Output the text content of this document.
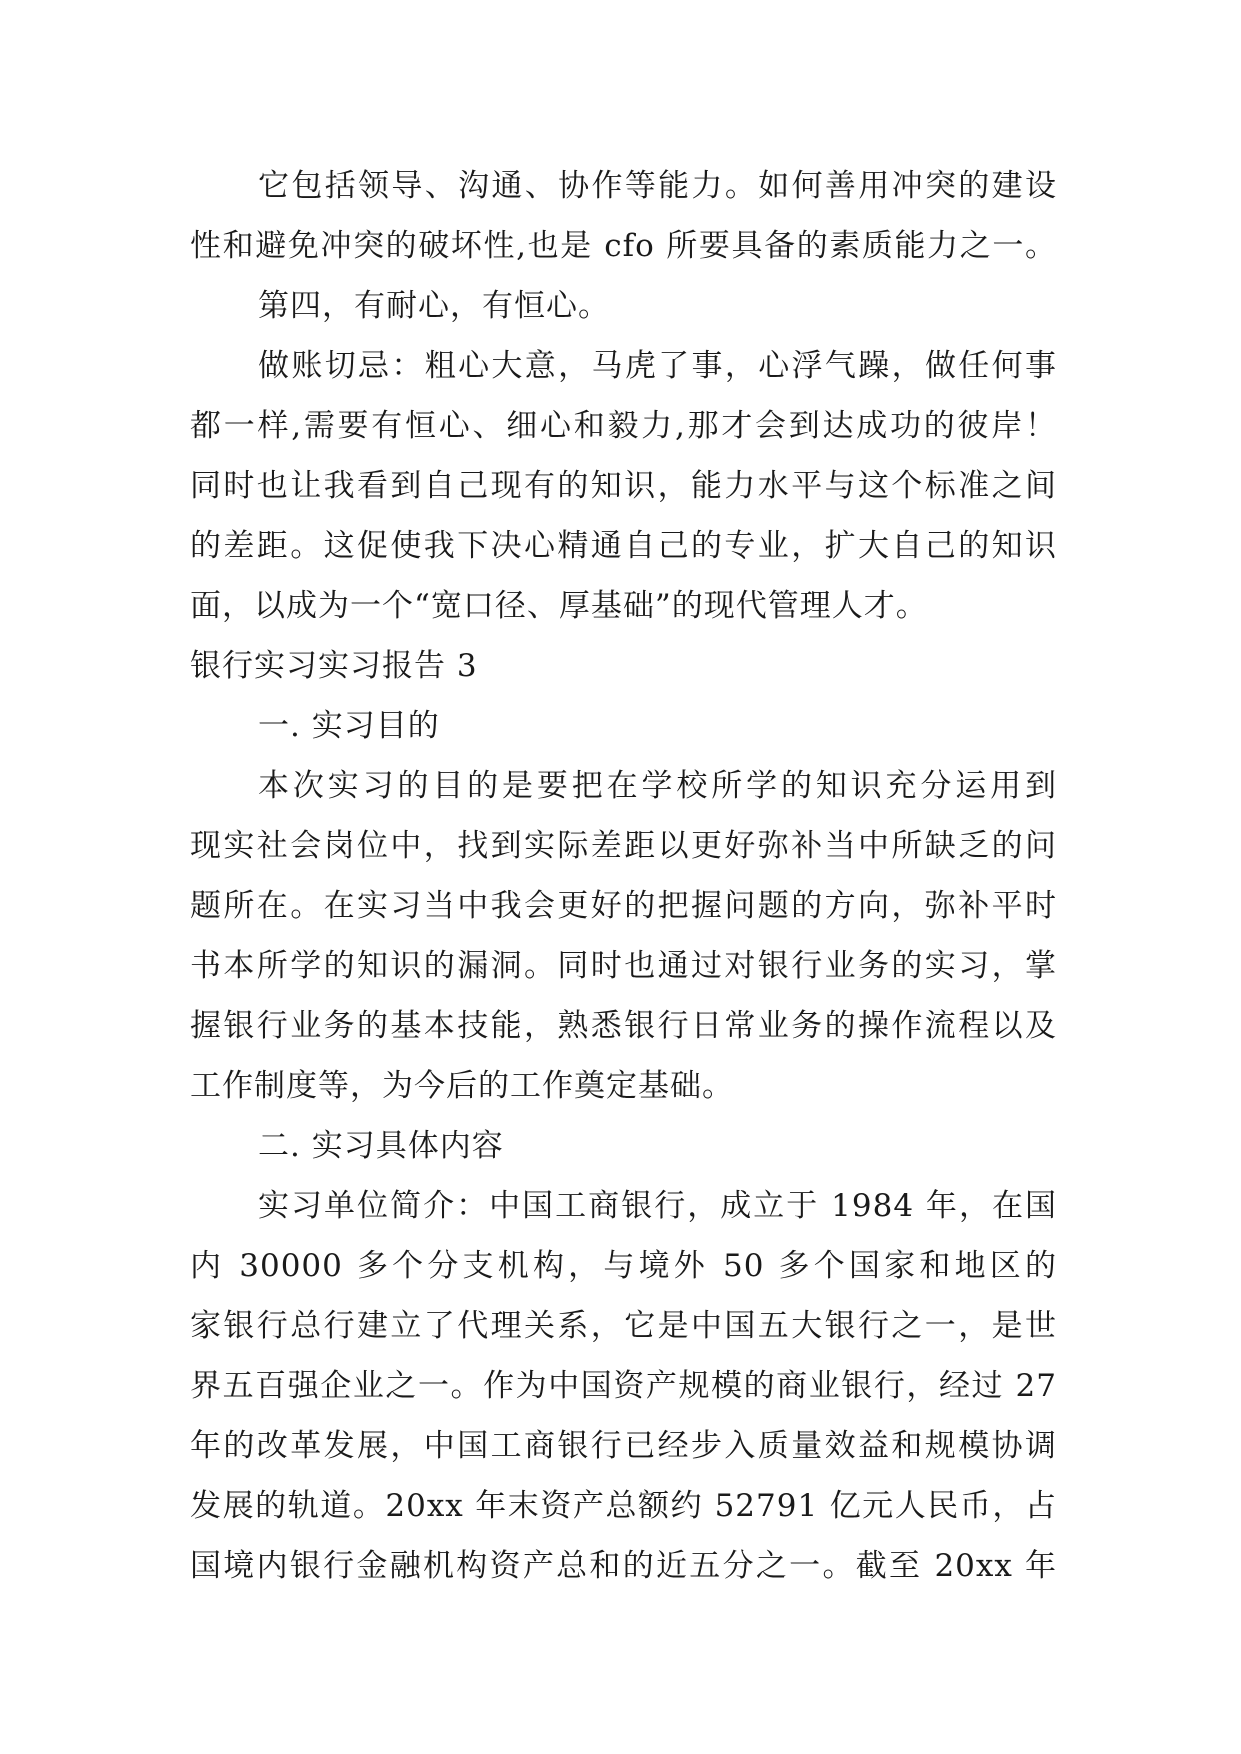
它包括领导、沟通、协作等能力。如何善用冲突的建设
性和避免冲突的破坏性,也是 cfo 所要具备的素质能力之一。
第四，有耐心，有恒心。
做账切忌：粗心大意，马虎了事，心浮气躁，做任何事
都一样,需要有恒心、细心和毅力,那才会到达成功的彼岸！
同时也让我看到自己现有的知识，能力水平与这个标准之间
的差距。这促使我下决心精通自己的专业，扩大自己的知识
面，以成为一个“宽口径、厚基础”的现代管理人才。
银行实习实习报告 3
一. 实习目的
本次实习的目的是要把在学校所学的知识充分运用到
现实社会岗位中，找到实际差距以更好弥补当中所缺乏的问
题所在。在实习当中我会更好的把握问题的方向，弥补平时
书本所学的知识的漏洞。同时也通过对银行业务的实习，掌
握银行业务的基本技能，熟悉银行日常业务的操作流程以及
工作制度等，为今后的工作奠定基础。
二. 实习具体内容
实习单位简介：中国工商银行，成立于 1984 年，在国
内 30000 多个分支机构，与境外 50 多个国家和地区的
家银行总行建立了代理关系，它是中国五大银行之一，是世
界五百强企业之一。作为中国资产规模的商业银行，经过 27
年的改革发展，中国工商银行已经步入质量效益和规模协调
发展的轨道。20xx 年末资产总额约 52791 亿元人民币，占
国境内银行金融机构资产总和的近五分之一。截至 20xx 年
